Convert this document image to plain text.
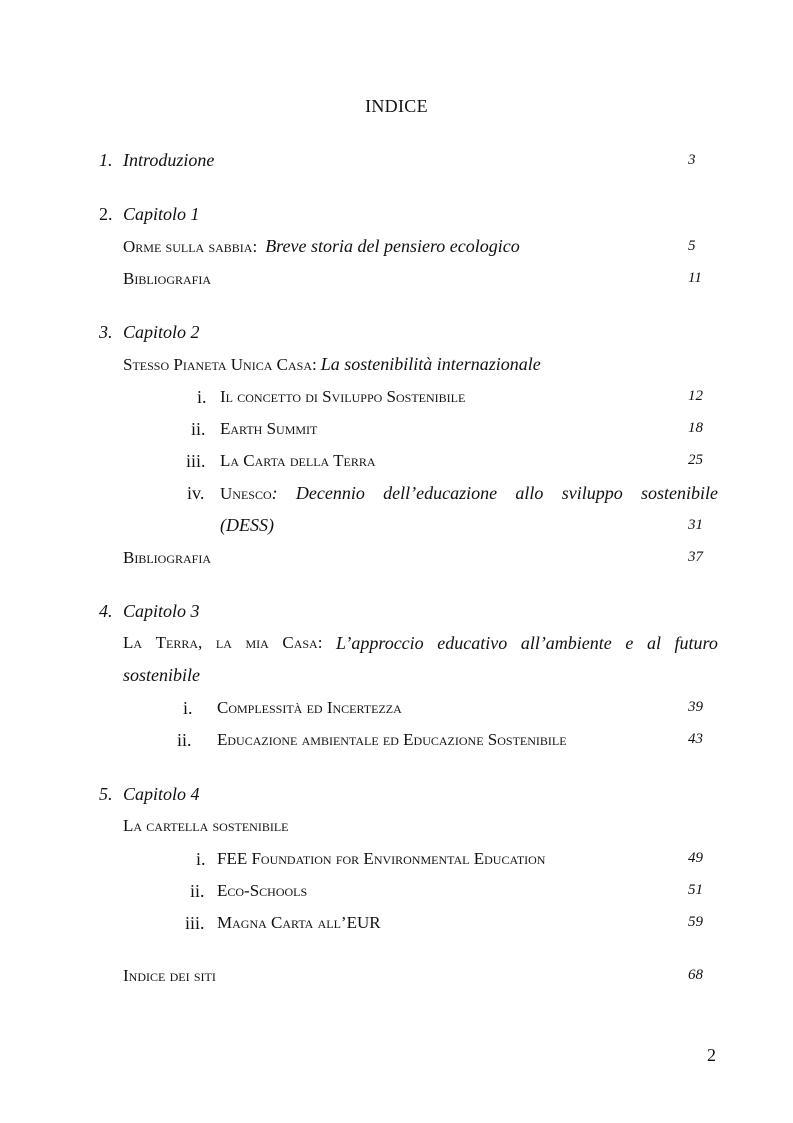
INDICE
1. Introduzione	3
2. Capitolo 1
Orme sulla sabbia: Breve storia del pensiero ecologico	5
Bibliografia	11
3. Capitolo 2
Stesso Pianeta Unica Casa: La sostenibilità internazionale
i. Il concetto di Sviluppo Sostenibile	12
ii. Earth Summit	18
iii. La Carta della Terra	25
iv. Unesco: Decennio dell’educazione allo sviluppo sostenibile
(DESS)	31
Bibliografia	37
4. Capitolo 3
La Terra, la mia Casa: L’approccio educativo all’ambiente e al futuro
sostenibile
i. Complessità ed Incertezza	39
ii. Educazione ambientale ed Educazione Sostenibile	43
5. Capitolo 4
La cartella sostenibile
i. FEE Foundation for Environmental Education	49
ii. Eco-Schools	51
iii. Magna Carta all’EUR	59
Indice dei siti	68
2
